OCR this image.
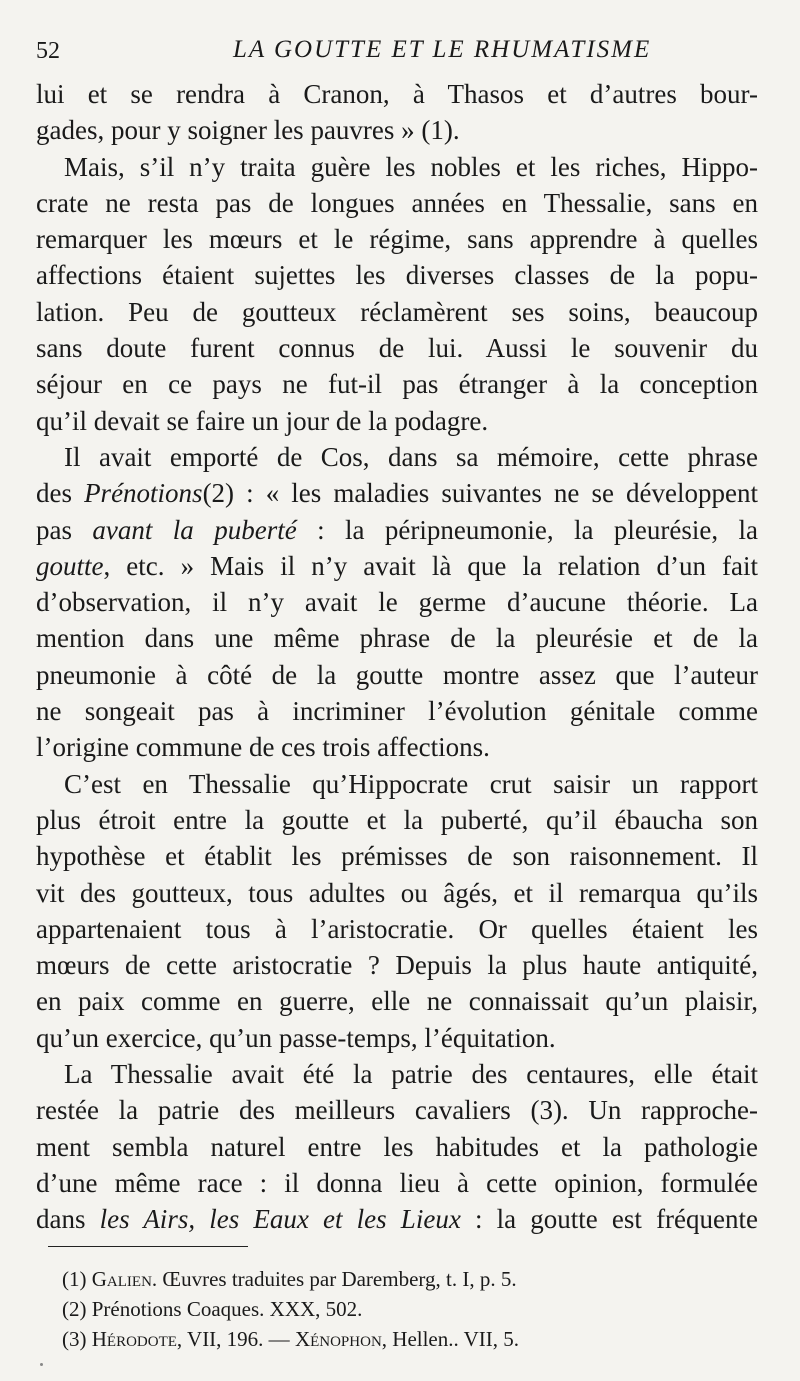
52	LA GOUTTE ET LE RHUMATISME
lui et se rendra à Cranon, à Thasos et d’autres bour-
gades, pour y soigner les pauvres » (1).
Mais, s’il n’y traita guère les nobles et les riches, Hippo-
crate ne resta pas de longues années en Thessalie, sans en
remarquer les mœurs et le régime, sans apprendre à quelles
affections étaient sujettes les diverses classes de la popu-
lation. Peu de goutteux réclamèrent ses soins, beaucoup
sans doute furent connus de lui. Aussi le souvenir du
séjour en ce pays ne fut-il pas étranger à la conception
qu’il devait se faire un jour de la podagre.
Il avait emporté de Cos, dans sa mémoire, cette phrase
des Prénotions(2) : « les maladies suivantes ne se développent
pas avant la puberté : la péripneumonie, la pleurésie, la
goutte, etc. » Mais il n’y avait là que la relation d’un fait
d’observation, il n’y avait le germe d’aucune théorie. La
mention dans une même phrase de la pleurésie et de la
pneumonie à côté de la goutte montre assez que l’auteur
ne songeait pas à incriminer l’évolution génitale comme
l’origine commune de ces trois affections.
C’est en Thessalie qu’Hippocrate crut saisir un rapport
plus étroit entre la goutte et la puberté, qu’il ébaucha son
hypothèse et établit les prémisses de son raisonnement. Il
vit des goutteux, tous adultes ou âgés, et il remarqua qu’ils
appartenaient tous à l’aristocratie. Or quelles étaient les
mœurs de cette aristocratie ? Depuis la plus haute antiquité,
en paix comme en guerre, elle ne connaissait qu’un plaisir,
qu’un exercice, qu’un passe-temps, l’équitation.
La Thessalie avait été la patrie des centaures, elle était
restée la patrie des meilleurs cavaliers (3). Un rapproche-
ment sembla naturel entre les habitudes et la pathologie
d’une même race : il donna lieu à cette opinion, formulée
dans les Airs, les Eaux et les Lieux : la goutte est fréquente
(1) Galien. Œuvres traduites par Daremberg, t. I, p. 5.
(2) Prénotions Coaques. XXX, 502.
(3) Hérodote, VII, 196. — Xénophon, Hellen.. VII, 5.
